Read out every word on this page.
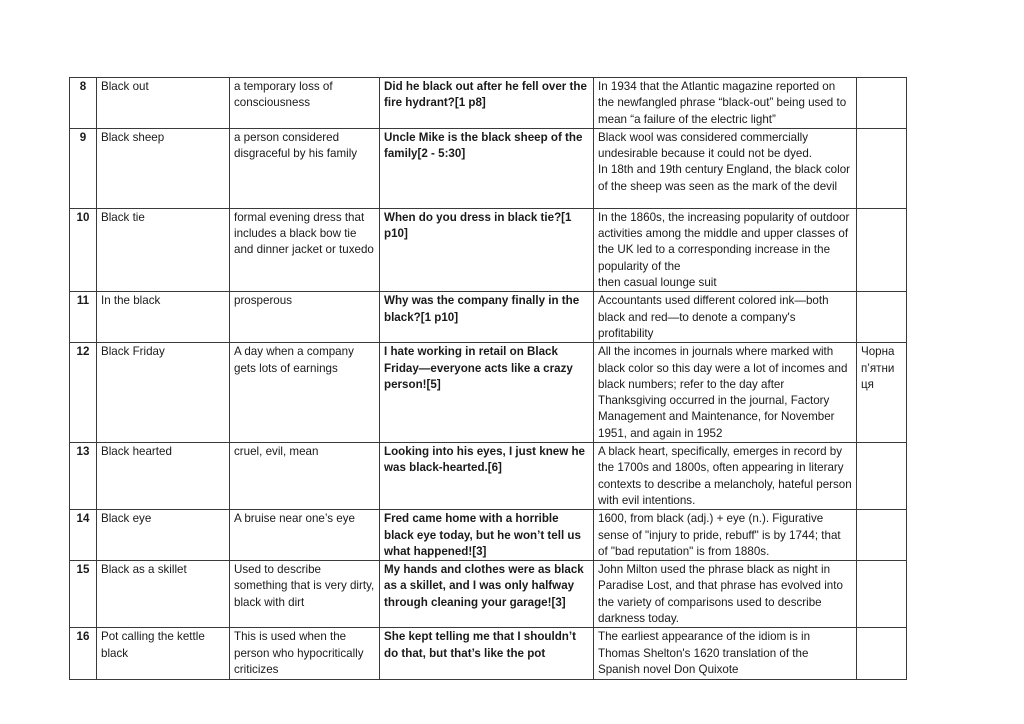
8	Black out	a temporary loss of consciousness	Did he black out after he fell over the fire hydrant?[1 p8]	In 1934 that the Atlantic magazine reported on the newfangled phrase “black-out” being used to mean “a failure of the electric light”	
9	Black sheep	a person considered disgraceful by his family	Uncle Mike is the black sheep of the family[2 - 5:30]	Black wool was considered commercially undesirable because it could not be dyed.
In 18th and 19th century England, the black color of the sheep was seen as the mark of the devil	
10	Black tie	formal evening dress that includes a black bow tie and dinner jacket or tuxedo	When do you dress in black tie?[1 p10]	In the 1860s, the increasing popularity of outdoor activities among the middle and upper classes of the UK led to a corresponding increase in the popularity of the
then casual lounge suit	
11	In the black	prosperous	Why was the company finally in the black?[1 p10]	Accountants used different colored ink—both black and red—to denote a company's profitability	
12	Black Friday	A day when a company gets lots of earnings	I hate working in retail on Black Friday—everyone acts like a crazy person![5]	All the incomes in journals where marked with black color so this day were a lot of incomes and black numbers; refer to the day after Thanksgiving occurred in the journal, Factory Management and Maintenance, for November 1951, and again in 1952	Чорна п’ятни ця
13	Black hearted	cruel, evil, mean	Looking into his eyes, I just knew he was black-hearted.[6]	A black heart, specifically, emerges in record by the 1700s and 1800s, often appearing in literary contexts to describe a melancholy, hateful person with evil intentions.	
14	Black eye	A bruise near one’s eye	Fred came home with a horrible black eye today, but he won’t tell us what happened![3]	1600, from black (adj.) + eye (n.). Figurative sense of "injury to pride, rebuff" is by 1744; that of "bad reputation" is from 1880s.	
15	Black as a skillet	Used to describe something that is very dirty, black with dirt	My hands and clothes were as black as a skillet, and I was only halfway through cleaning your garage![3]	John Milton used the phrase black as night in Paradise Lost, and that phrase has evolved into the variety of comparisons used to describe darkness today.	
16	Pot calling the kettle black	This is used when the person who hypocritically criticizes	She kept telling me that I shouldn’t do that, but that’s like the pot	The earliest appearance of the idiom is in Thomas Shelton's 1620 translation of the Spanish novel Don Quixote	
